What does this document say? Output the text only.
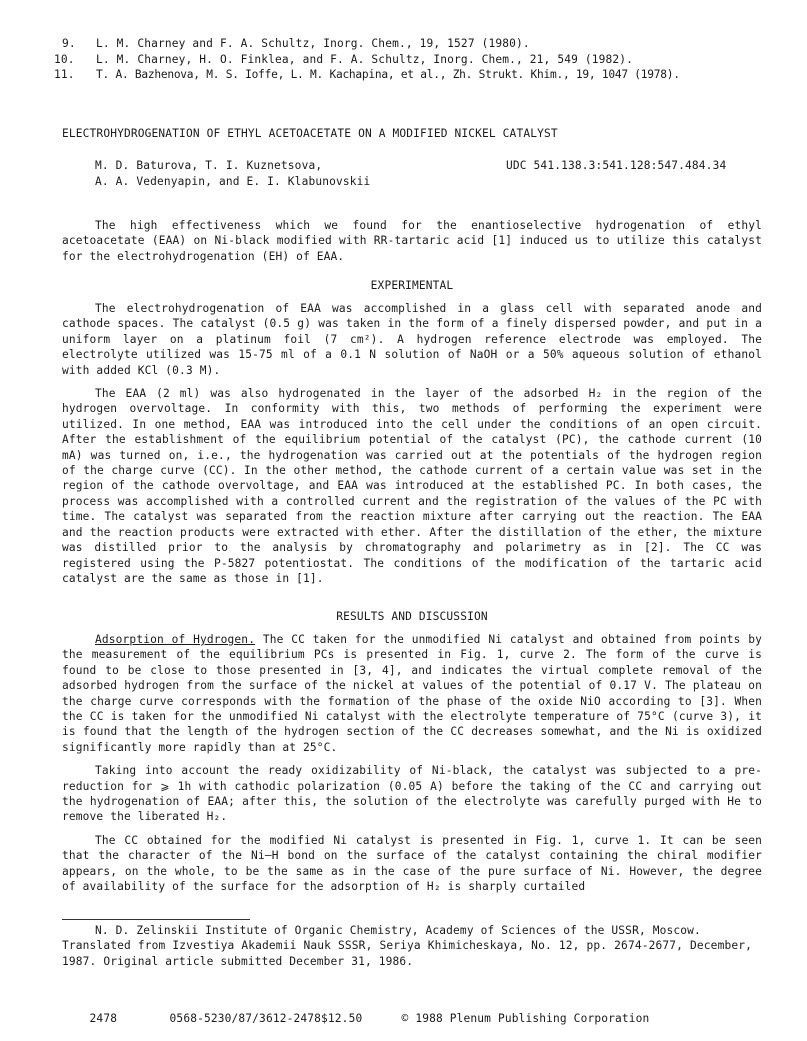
9. L. M. Charney and F. A. Schultz, Inorg. Chem., 19, 1527 (1980).
10. L. M. Charney, H. O. Finklea, and F. A. Schultz, Inorg. Chem., 21, 549 (1982).
11. T. A. Bazhenova, M. S. Ioffe, L. M. Kachapina, et al., Zh. Strukt. Khim., 19, 1047 (1978).
ELECTROHYDROGENATION OF ETHYL ACETOACETATE ON A MODIFIED NICKEL CATALYST
M. D. Baturova, T. I. Kuznetsova,
A. A. Vedenyapin, and E. I. Klabunovskii
UDC 541.138.3:541.128:547.484.34

The high effectiveness which we found for the enantioselective hydrogenation of ethyl acetoacetate (EAA) on Ni-black modified with RR-tartaric acid [1] induced us to utilize this catalyst for the electrohydrogenation (EH) of EAA.

EXPERIMENTAL

The electrohydrogenation of EAA was accomplished in a glass cell with separated anode and cathode spaces. The catalyst (0.5 g) was taken in the form of a finely dispersed powder, and put in a uniform layer on a platinum foil (7 cm²). A hydrogen reference electrode was employed. The electrolyte utilized was 15-75 ml of a 0.1 N solution of NaOH or a 50% aqueous solution of ethanol with added KCl (0.3 M).

The EAA (2 ml) was also hydrogenated in the layer of the adsorbed H₂ in the region of the hydrogen overvoltage. In conformity with this, two methods of performing the experiment were utilized. In one method, EAA was introduced into the cell under the conditions of an open circuit. After the establishment of the equilibrium potential of the catalyst (PC), the cathode current (10 mA) was turned on, i.e., the hydrogenation was carried out at the potentials of the hydrogen region of the charge curve (CC). In the other method, the cathode current of a certain value was set in the region of the cathode overvoltage, and EAA was introduced at the established PC. In both cases, the process was accomplished with a controlled current and the registration of the values of the PC with time. The catalyst was separated from the reaction mixture after carrying out the reaction. The EAA and the reaction products were extracted with ether. After the distillation of the ether, the mixture was distilled prior to the analysis by chromatography and polarimetry as in [2]. The CC was registered using the P-5827 potentiostat. The conditions of the modification of the tartaric acid catalyst are the same as those in [1].

RESULTS AND DISCUSSION

Adsorption of Hydrogen. The CC taken for the unmodified Ni catalyst and obtained from points by the measurement of the equilibrium PCs is presented in Fig. 1, curve 2. The form of the curve is found to be close to those presented in [3, 4], and indicates the virtual complete removal of the adsorbed hydrogen from the surface of the nickel at values of the potential of 0.17 V. The plateau on the charge curve corresponds with the formation of the phase of the oxide NiO according to [3]. When the CC is taken for the unmodified Ni catalyst with the electrolyte temperature of 75°C (curve 3), it is found that the length of the hydrogen section of the CC decreases somewhat, and the Ni is oxidized significantly more rapidly than at 25°C.

Taking into account the ready oxidizability of Ni-black, the catalyst was subjected to a pre-reduction for ⩾ 1h with cathodic polarization (0.05 A) before the taking of the CC and carrying out the hydrogenation of EAA; after this, the solution of the electrolyte was carefully purged with He to remove the liberated H₂.

The CC obtained for the modified Ni catalyst is presented in Fig. 1, curve 1. It can be seen that the character of the Ni—H bond on the surface of the catalyst containing the chiral modifier appears, on the whole, to be the same as in the case of the pure surface of Ni. However, the degree of availability of the surface for the adsorption of H₂ is sharply curtailed

N. D. Zelinskii Institute of Organic Chemistry, Academy of Sciences of the USSR, Moscow.
Translated from Izvestiya Akademii Nauk SSSR, Seriya Khimicheskaya, No. 12, pp. 2674-2677, December, 1987. Original article submitted December 31, 1986.

2478	0568-5230/87/3612-2478$12.50	© 1988 Plenum Publishing Corporation
